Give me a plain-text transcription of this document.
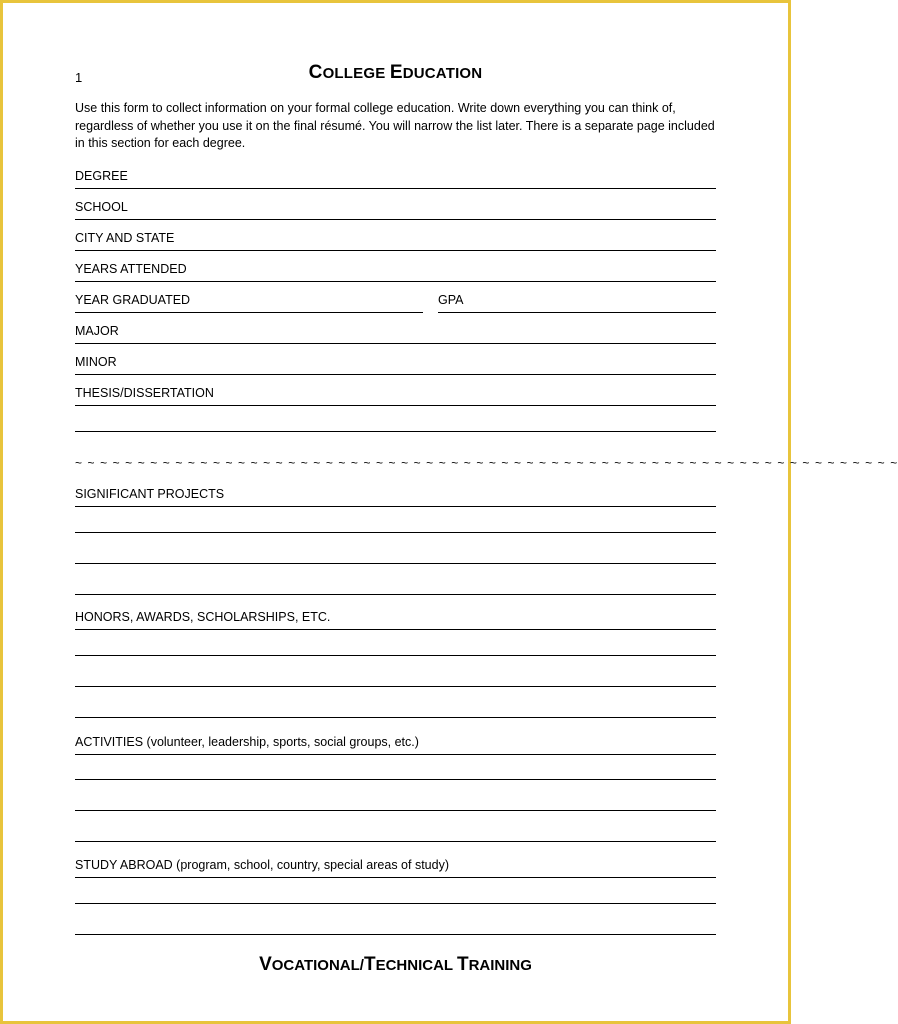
1	COLLEGE EDUCATION
Use this form to collect information on your formal college education. Write down everything you can think of, regardless of whether you use it on the final résumé. You will narrow the list later. There is a separate page included in this section for each degree.
DEGREE
SCHOOL
CITY AND STATE
YEARS ATTENDED
YEAR GRADUATED	GPA
MAJOR
MINOR
THESIS/DISSERTATION
~ ~ ~ ~ ~ ~ ~ ~ ~ ~ ~ ~ ~ ~ ~ ~ ~ ~ ~ ~ ~ ~ ~ ~ ~ ~ ~ ~ ~ ~ ~ ~ ~ ~ ~ ~ ~ ~ ~ ~ ~ ~ ~ ~ ~ ~ ~ ~ ~ ~ ~ ~ ~ ~ ~ ~ ~ ~ ~ ~ ~ ~ ~ ~ ~ ~
SIGNIFICANT PROJECTS
HONORS, AWARDS, SCHOLARSHIPS, ETC.
ACTIVITIES (volunteer, leadership, sports, social groups, etc.)
STUDY ABROAD (program, school, country, special areas of study)
VOCATIONAL/TECHNICAL TRAINING
